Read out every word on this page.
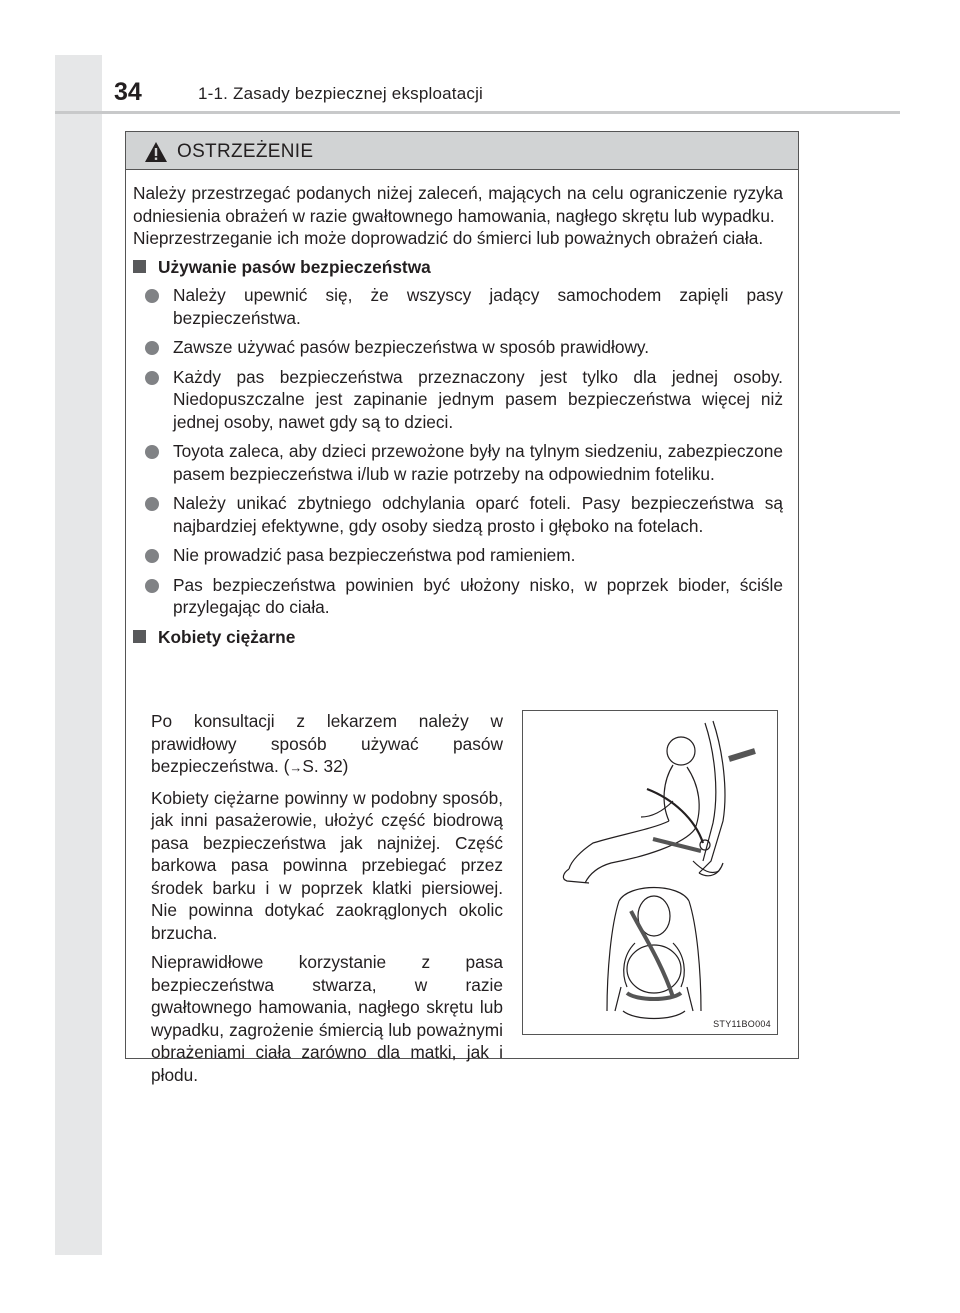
34	1-1. Zasady bezpiecznej eksploatacji
OSTRZEŻENIE

Należy przestrzegać podanych niżej zaleceń, mających na celu ograniczenie ryzyka odniesienia obrażeń w razie gwałtownego hamowania, nagłego skrętu lub wypadku.

Nieprzestrzeganie ich może doprowadzić do śmierci lub poważnych obrażeń ciała.

Używanie pasów bezpieczeństwa
Należy upewnić się, że wszyscy jadący samochodem zapięli pasy bezpieczeństwa.
Zawsze używać pasów bezpieczeństwa w sposób prawidłowy.
Każdy pas bezpieczeństwa przeznaczony jest tylko dla jednej osoby. Niedopuszczalne jest zapinanie jednym pasem bezpieczeństwa więcej niż jednej osoby, nawet gdy są to dzieci.
Toyota zaleca, aby dzieci przewożone były na tylnym siedzeniu, zabezpieczone pasem bezpieczeństwa i/lub w razie potrzeby na odpowiednim foteliku.
Należy unikać zbytniego odchylania oparć foteli. Pasy bezpieczeństwa są najbardziej efektywne, gdy osoby siedzą prosto i głęboko na fotelach.
Nie prowadzić pasa bezpieczeństwa pod ramieniem.
Pas bezpieczeństwa powinien być ułożony nisko, w poprzek bioder, ściśle przylegając do ciała.
Kobiety ciężarne

Po konsultacji z lekarzem należy w prawidłowy sposób używać pasów bezpieczeństwa. (→S. 32)

Kobiety ciężarne powinny w podobny sposób, jak inni pasażerowie, ułożyć część biodrową pasa bezpieczeństwa jak najniżej. Część barkowa pasa powinna przebiegać przez środek barku i w poprzek klatki piersiowej. Nie powinna dotykać zaokrąglonych okolic brzucha.

Nieprawidłowe korzystanie z pasa bezpieczeństwa stwarza, w razie gwałtownego hamowania, nagłego skrętu lub wypadku, zagrożenie śmiercią lub poważnymi obrażeniami ciała zarówno dla matki, jak i płodu.

STY11BO004
